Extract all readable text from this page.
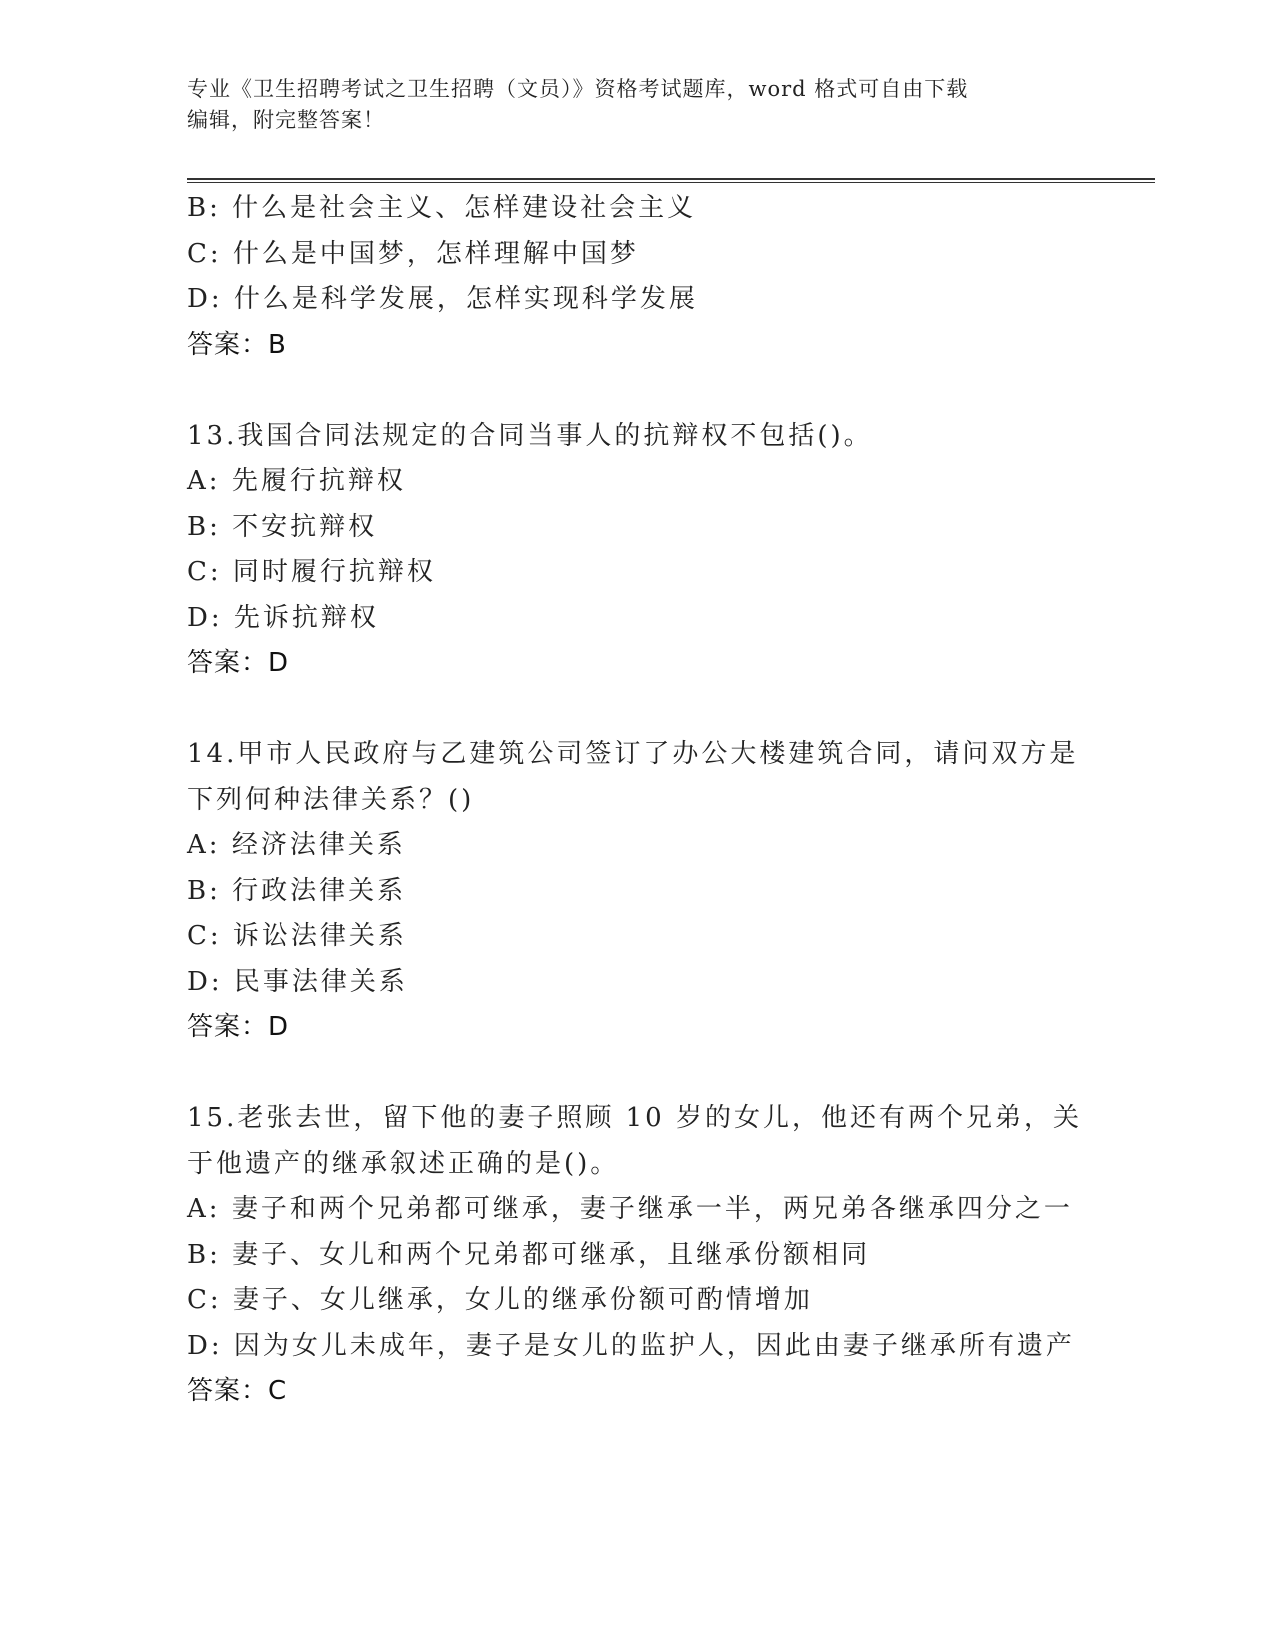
专业《卫生招聘考试之卫生招聘（文员）》资格考试题库，word 格式可自由下载
编辑，附完整答案！
B: 什么是社会主义、怎样建设社会主义
C: 什么是中国梦，怎样理解中国梦
D: 什么是科学发展，怎样实现科学发展
答案：B
13.我国合同法规定的合同当事人的抗辩权不包括()。
A: 先履行抗辩权
B: 不安抗辩权
C: 同时履行抗辩权
D: 先诉抗辩权
答案：D
14.甲市人民政府与乙建筑公司签订了办公大楼建筑合同，请问双方是
下列何种法律关系？()
A: 经济法律关系
B: 行政法律关系
C: 诉讼法律关系
D: 民事法律关系
答案：D
15.老张去世，留下他的妻子照顾 10 岁的女儿，他还有两个兄弟，关
于他遗产的继承叙述正确的是()。
A: 妻子和两个兄弟都可继承，妻子继承一半，两兄弟各继承四分之一
B: 妻子、女儿和两个兄弟都可继承，且继承份额相同
C: 妻子、女儿继承，女儿的继承份额可酌情增加
D: 因为女儿未成年，妻子是女儿的监护人，因此由妻子继承所有遗产
答案：C
